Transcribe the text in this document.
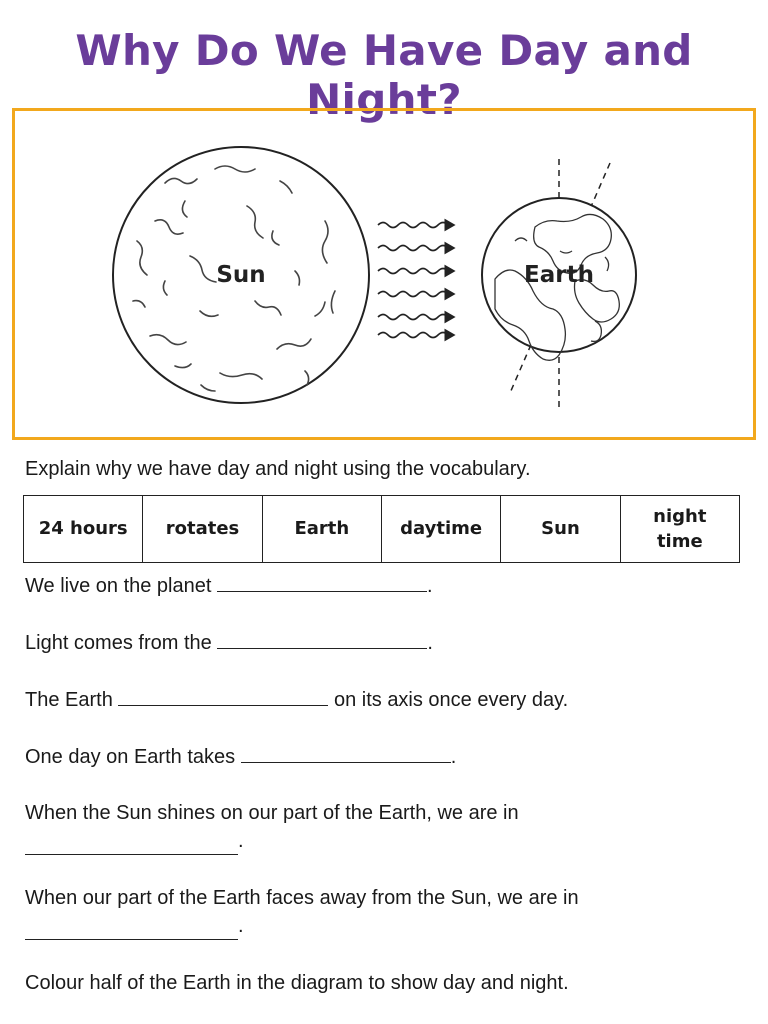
Why Do We Have Day and Night?
Sun	Earth

Explain why we have day and night using the vocabulary.

24 hours	rotates	Earth	daytime	Sun	night
time

We live on the planet	.

Light comes from the	.

The Earth	on its axis once every day.

One day on Earth takes	.

When the Sun shines on our part of the Earth, we are in
.
When our part of the Earth faces away from the Sun, we are in
.

Colour half of the Earth in the diagram to show day and night.
